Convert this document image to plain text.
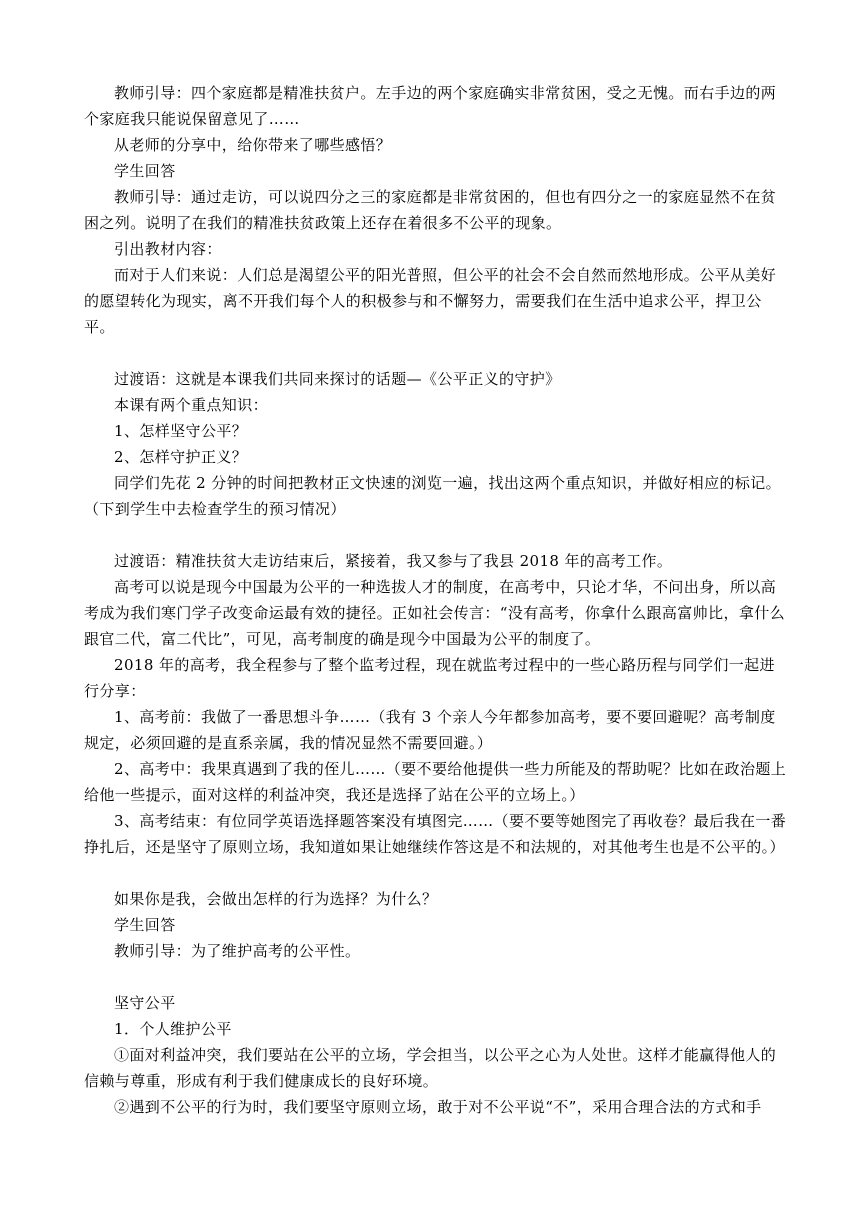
教师引导：四个家庭都是精准扶贫户。左手边的两个家庭确实非常贫困，受之无愧。而右手边的两个家庭我只能说保留意见了……

从老师的分享中，给你带来了哪些感悟？

学生回答

教师引导：通过走访，可以说四分之三的家庭都是非常贫困的，但也有四分之一的家庭显然不在贫困之列。说明了在我们的精准扶贫政策上还存在着很多不公平的现象。

引出教材内容：

而对于人们来说：人们总是渴望公平的阳光普照，但公平的社会不会自然而然地形成。公平从美好的愿望转化为现实，离不开我们每个人的积极参与和不懈努力，需要我们在生活中追求公平，捍卫公平。

过渡语：这就是本课我们共同来探讨的话题—《公平正义的守护》

本课有两个重点知识：

1、怎样坚守公平？

2、怎样守护正义？

同学们先花 2 分钟的时间把教材正文快速的浏览一遍，找出这两个重点知识，并做好相应的标记。（下到学生中去检查学生的预习情况）

过渡语：精准扶贫大走访结束后，紧接着，我又参与了我县 2018 年的高考工作。

高考可以说是现今中国最为公平的一种选拔人才的制度，在高考中，只论才华，不问出身，所以高考成为我们寒门学子改变命运最有效的捷径。正如社会传言：“没有高考，你拿什么跟高富帅比，拿什么跟官二代，富二代比”，可见，高考制度的确是现今中国最为公平的制度了。

2018 年的高考，我全程参与了整个监考过程，现在就监考过程中的一些心路历程与同学们一起进行分享：

1、高考前：我做了一番思想斗争……（我有 3 个亲人今年都参加高考，要不要回避呢？高考制度规定，必须回避的是直系亲属，我的情况显然不需要回避。）

2、高考中：我果真遇到了我的侄儿……（要不要给他提供一些力所能及的帮助呢？比如在政治题上给他一些提示，面对这样的利益冲突，我还是选择了站在公平的立场上。）

3、高考结束：有位同学英语选择题答案没有填图完……（要不要等她图完了再收卷？最后我在一番挣扎后，还是坚守了原则立场，我知道如果让她继续作答这是不和法规的，对其他考生也是不公平的。）

如果你是我，会做出怎样的行为选择？为什么？

学生回答

教师引导：为了维护高考的公平性。

坚守公平

1．个人维护公平

①面对利益冲突，我们要站在公平的立场，学会担当，以公平之心为人处世。这样才能赢得他人的信赖与尊重，形成有利于我们健康成长的良好环境。

②遇到不公平的行为时，我们要坚守原则立场，敢于对不公平说“不”，采用合理合法的方式和手
